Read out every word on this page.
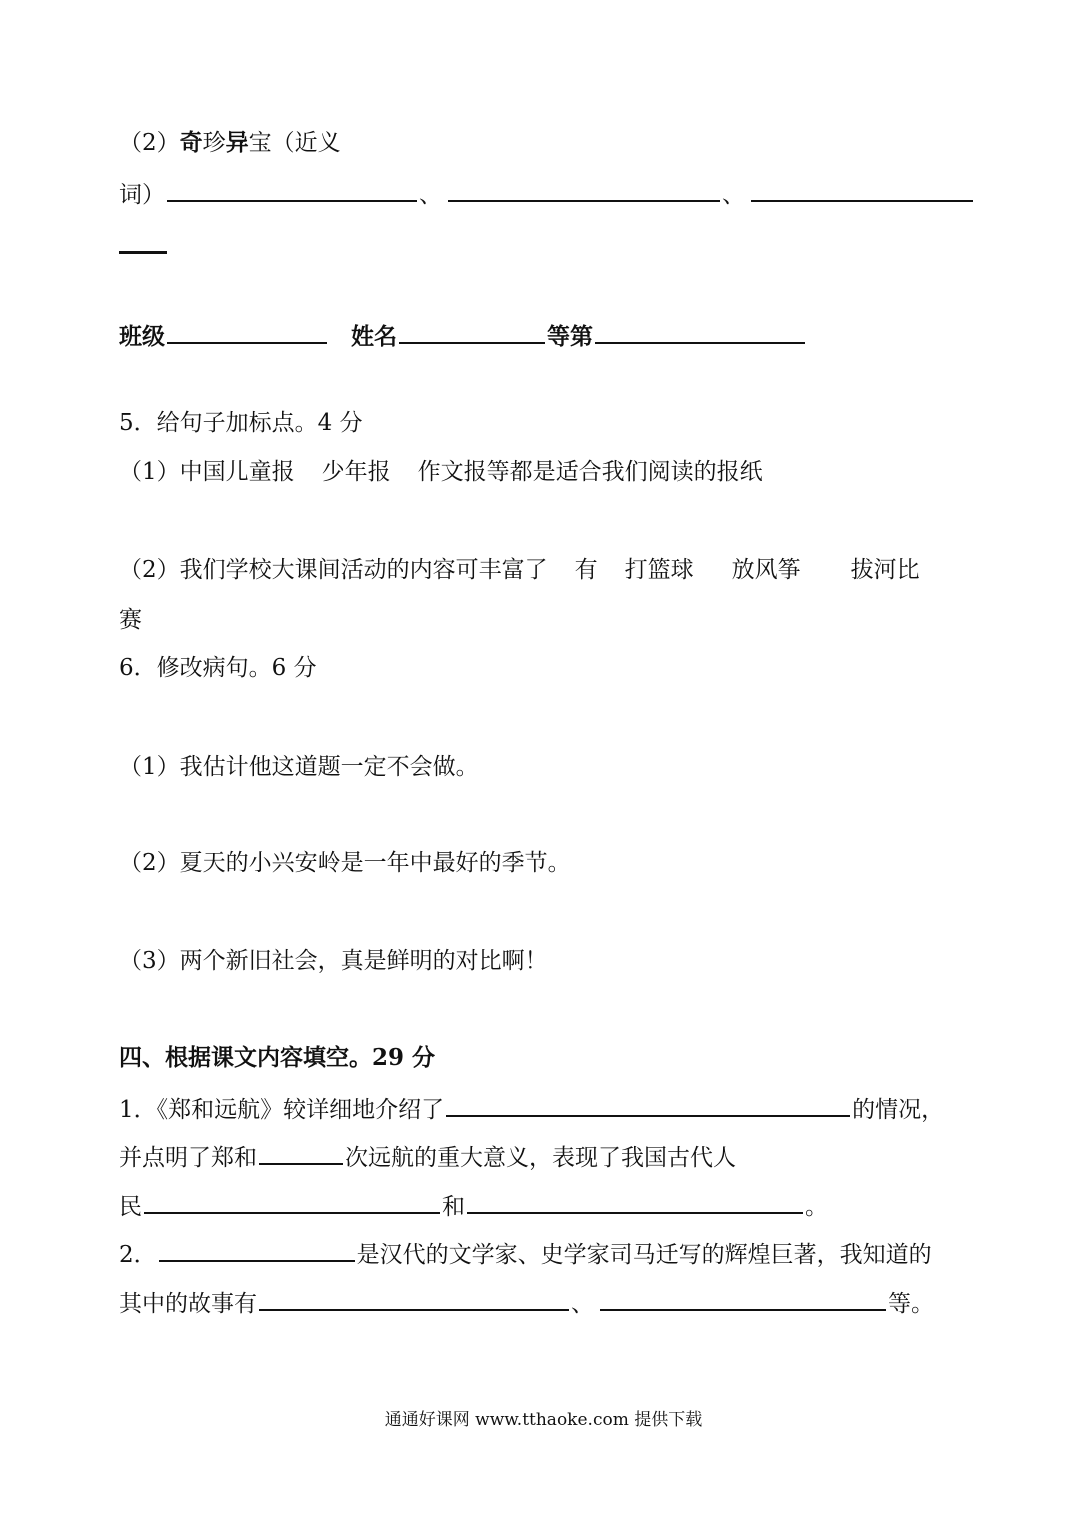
（2）奇珍异宝（近义
词）	、	、
班级	姓名	等第
5．给句子加标点。4 分
（1）中国儿童报 少年报 作文报等都是适合我们阅读的报纸
（2）我们学校大课间活动的内容可丰富了 有 打篮球 放风筝 拔河比
赛
6．修改病句。6 分
（1）我估计他这道题一定不会做。
（2）夏天的小兴安岭是一年中最好的季节。
（3）两个新旧社会，真是鲜明的对比啊！
四、根据课文内容填空。29 分
1．《郑和远航》较详细地介绍了	的情况，
并点明了郑和	次远航的重大意义，表现了我国古代人
民	和	。
2．	是汉代的文学家、史学家司马迁写的辉煌巨著，我知道的
其中的故事有	、	等。
通通好课网 www.tthaoke.com 提供下载
